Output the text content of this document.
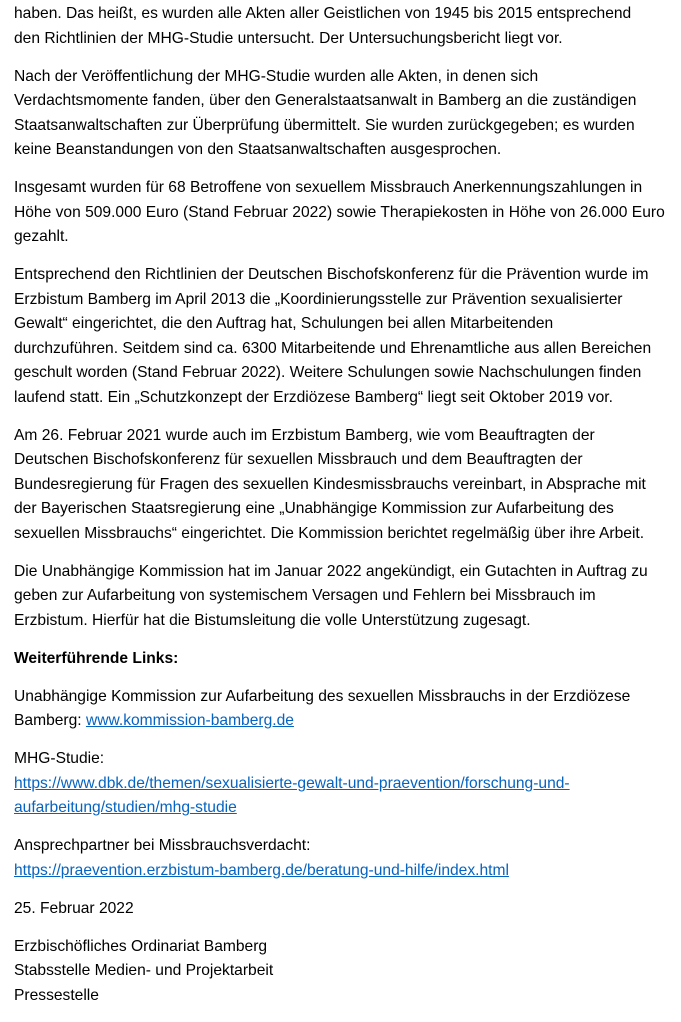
haben. Das heißt, es wurden alle Akten aller Geistlichen von 1945 bis 2015 entsprechend
den Richtlinien der MHG-Studie untersucht. Der Untersuchungsbericht liegt vor.

Nach der Veröffentlichung der MHG-Studie wurden alle Akten, in denen sich
Verdachtsmomente fanden, über den Generalstaatsanwalt in Bamberg an die zuständigen
Staatsanwaltschaften zur Überprüfung übermittelt. Sie wurden zurückgegeben; es wurden
keine Beanstandungen von den Staatsanwaltschaften ausgesprochen.

Insgesamt wurden für 68 Betroffene von sexuellem Missbrauch Anerkennungszahlungen in
Höhe von 509.000 Euro (Stand Februar 2022) sowie Therapiekosten in Höhe von 26.000 Euro
gezahlt.

Entsprechend den Richtlinien der Deutschen Bischofskonferenz für die Prävention wurde im
Erzbistum Bamberg im April 2013 die „Koordinierungsstelle zur Prävention sexualisierter
Gewalt“ eingerichtet, die den Auftrag hat, Schulungen bei allen Mitarbeitenden
durchzuführen. Seitdem sind ca. 6300 Mitarbeitende und Ehrenamtliche aus allen Bereichen
geschult worden (Stand Februar 2022). Weitere Schulungen sowie Nachschulungen finden
laufend statt. Ein „Schutzkonzept der Erzdiözese Bamberg“ liegt seit Oktober 2019 vor.

Am 26. Februar 2021 wurde auch im Erzbistum Bamberg, wie vom Beauftragten der
Deutschen Bischofskonferenz für sexuellen Missbrauch und dem Beauftragten der
Bundesregierung für Fragen des sexuellen Kindesmissbrauchs vereinbart, in Absprache mit
der Bayerischen Staatsregierung eine „Unabhängige Kommission zur Aufarbeitung des
sexuellen Missbrauchs“ eingerichtet. Die Kommission berichtet regelmäßig über ihre Arbeit.

Die Unabhängige Kommission hat im Januar 2022 angekündigt, ein Gutachten in Auftrag zu
geben zur Aufarbeitung von systemischem Versagen und Fehlern bei Missbrauch im
Erzbistum. Hierfür hat die Bistumsleitung die volle Unterstützung zugesagt.

Weiterführende Links:

Unabhängige Kommission zur Aufarbeitung des sexuellen Missbrauchs in der Erzdiözese
Bamberg: www.kommission-bamberg.de

MHG-Studie:
https://www.dbk.de/themen/sexualisierte-gewalt-und-praevention/forschung-und-
aufarbeitung/studien/mhg-studie

Ansprechpartner bei Missbrauchsverdacht:
https://praevention.erzbistum-bamberg.de/beratung-und-hilfe/index.html

25. Februar 2022

Erzbischöfliches Ordinariat Bamberg
Stabsstelle Medien- und Projektarbeit
Pressestelle
